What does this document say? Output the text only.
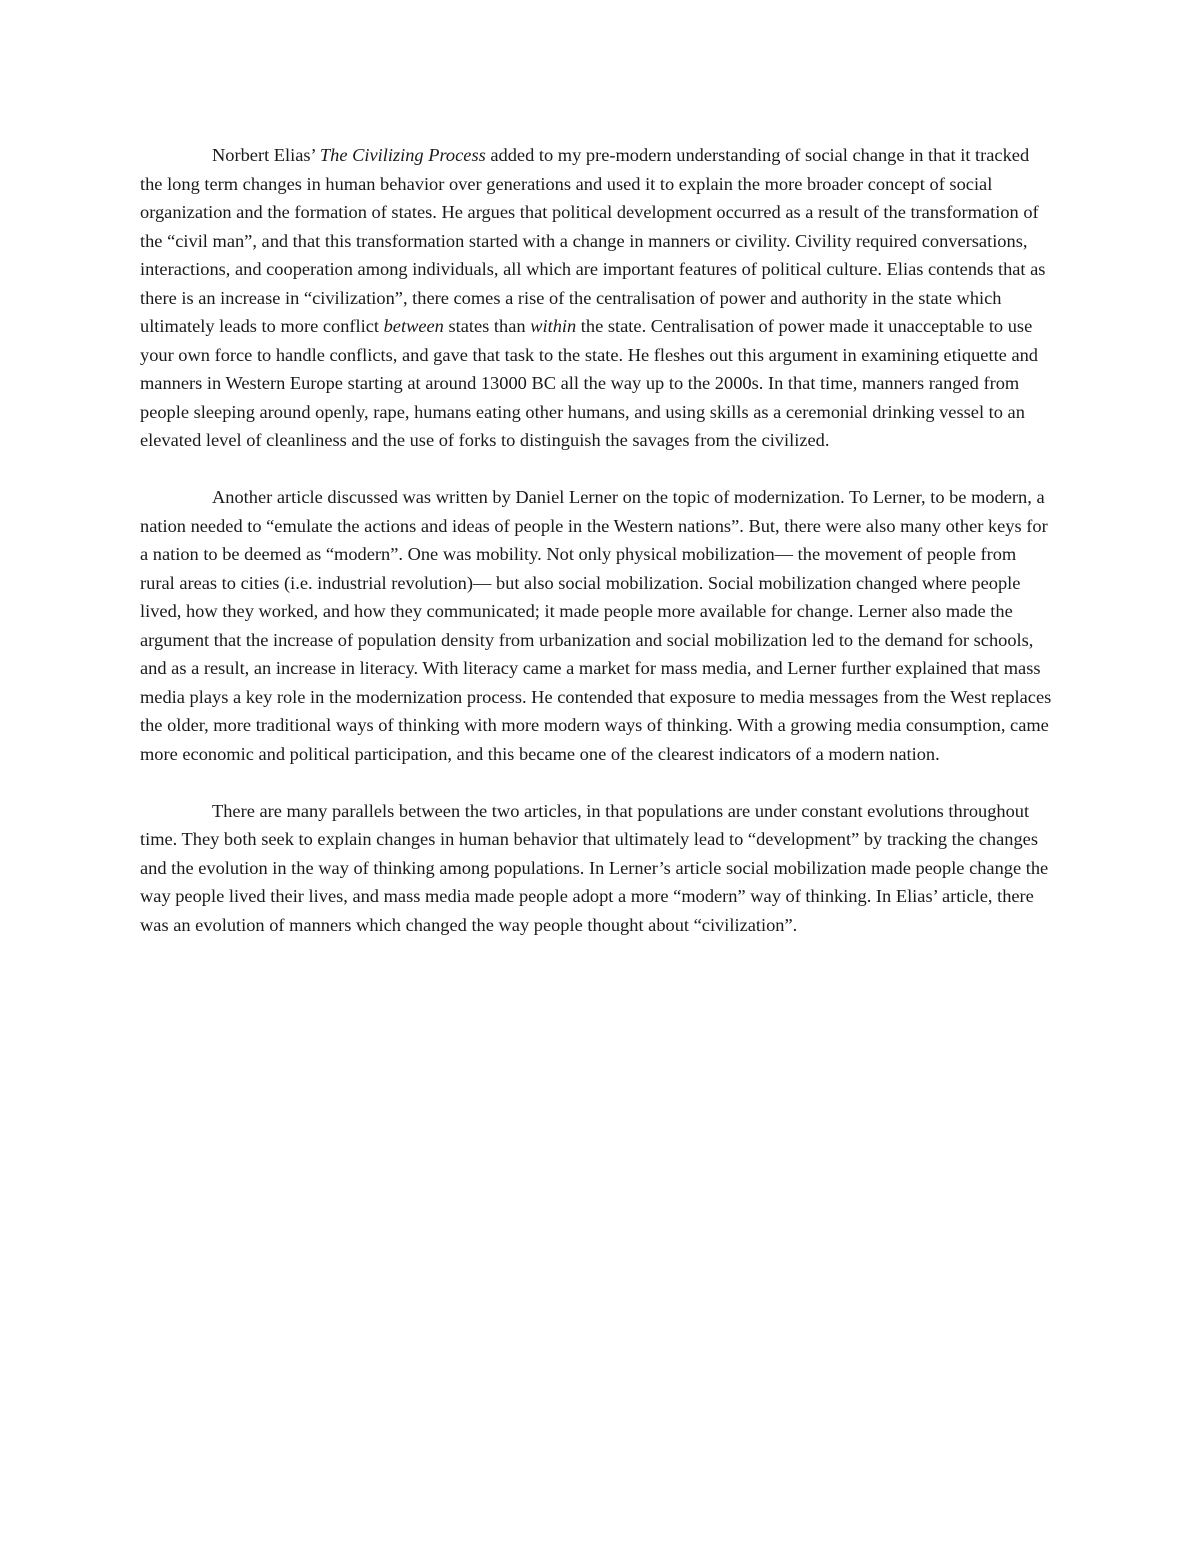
Norbert Elias’ The Civilizing Process added to my pre-modern understanding of social change in that it tracked the long term changes in human behavior over generations and used it to explain the more broader concept of social organization and the formation of states. He argues that political development occurred as a result of the transformation of the “civil man”, and that this transformation started with a change in manners or civility. Civility required conversations, interactions, and cooperation among individuals, all which are important features of political culture. Elias contends that as there is an increase in “civilization”, there comes a rise of the centralisation of power and authority in the state which ultimately leads to more conflict between states than within the state. Centralisation of power made it unacceptable to use your own force to handle conflicts, and gave that task to the state. He fleshes out this argument in examining etiquette and manners in Western Europe starting at around 13000 BC all the way up to the 2000s. In that time, manners ranged from people sleeping around openly, rape, humans eating other humans, and using skills as a ceremonial drinking vessel to an elevated level of cleanliness and the use of forks to distinguish the savages from the civilized.

Another article discussed was written by Daniel Lerner on the topic of modernization. To Lerner, to be modern, a nation needed to “emulate the actions and ideas of people in the Western nations”. But, there were also many other keys for a nation to be deemed as “modern”. One was mobility. Not only physical mobilization— the movement of people from rural areas to cities (i.e. industrial revolution)— but also social mobilization. Social mobilization changed where people lived, how they worked, and how they communicated; it made people more available for change. Lerner also made the argument that the increase of population density from urbanization and social mobilization led to the demand for schools, and as a result, an increase in literacy. With literacy came a market for mass media, and Lerner further explained that mass media plays a key role in the modernization process. He contended that exposure to media messages from the West replaces the older, more traditional ways of thinking with more modern ways of thinking. With a growing media consumption, came more economic and political participation, and this became one of the clearest indicators of a modern nation.

There are many parallels between the two articles, in that populations are under constant evolutions throughout time. They both seek to explain changes in human behavior that ultimately lead to “development” by tracking the changes and the evolution in the way of thinking among populations. In Lerner’s article social mobilization made people change the way people lived their lives, and mass media made people adopt a more “modern” way of thinking. In Elias’ article, there was an evolution of manners which changed the way people thought about “civilization”.
